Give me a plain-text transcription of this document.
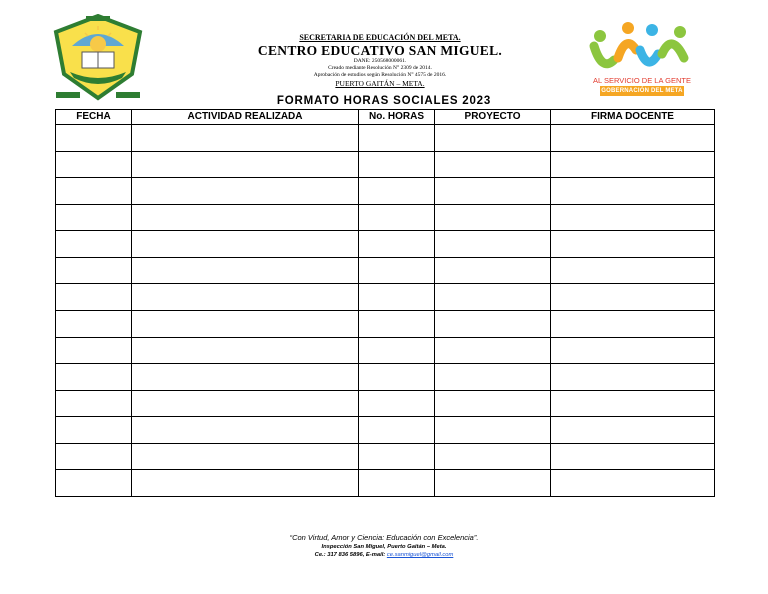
SECRETARIA DE EDUCACIÓN DEL META.
CENTRO EDUCATIVO SAN MIGUEL.
DANE: 250568000061.
Creado mediante Resolución N° 2309 de 2014.
Aprobación de estudios según Resolución N° 4575 de 2016.
PUERTO GAITÁN – META.
FORMATO HORAS SOCIALES 2023
AL SERVICIO DE LA GENTE
GOBERNACIÓN DEL META
FECHA	ACTIVIDAD REALIZADA	No. HORAS	PROYECTO	FIRMA DOCENTE

“Con Virtud, Amor y Ciencia: Educación con Excelencia”.
Inspección San Miguel, Puerto Gaitán – Meta.
Ce.: 317 836 5896, E-mail: ce.sanmiguel@gmail.com
